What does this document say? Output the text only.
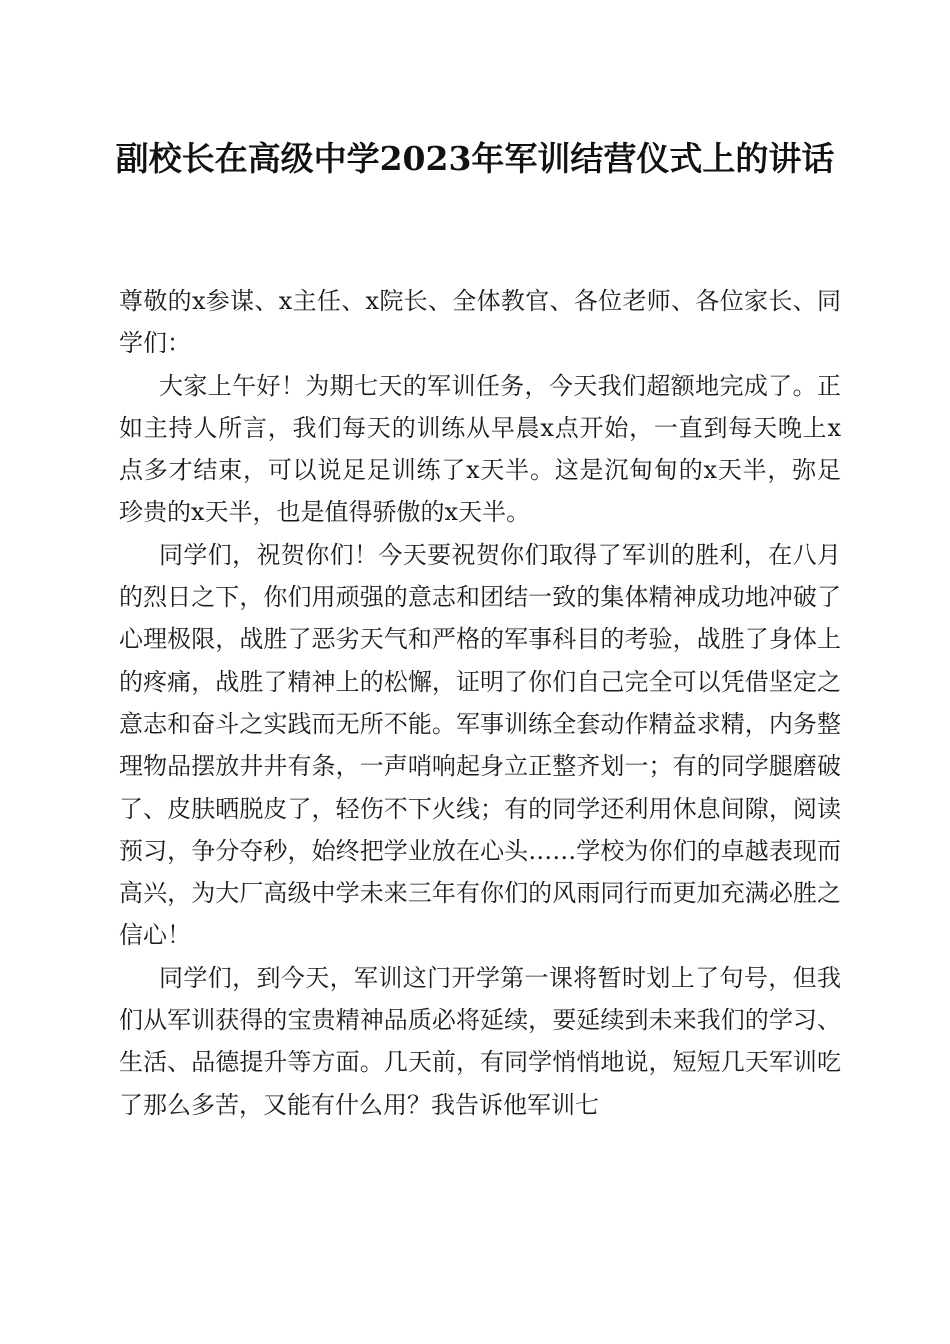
副校长在高级中学2023年军训结营仪式上的讲话

尊敬的x参谋、x主任、x院长、全体教官、各位老师、各位家长、同学们：

大家上午好！为期七天的军训任务，今天我们超额地完成了。正如主持人所言，我们每天的训练从早晨x点开始，一直到每天晚上x点多才结束，可以说足足训练了x天半。这是沉甸甸的x天半，弥足珍贵的x天半，也是值得骄傲的x天半。

同学们，祝贺你们！今天要祝贺你们取得了军训的胜利，在八月的烈日之下，你们用顽强的意志和团结一致的集体精神成功地冲破了心理极限，战胜了恶劣天气和严格的军事科目的考验，战胜了身体上的疼痛，战胜了精神上的松懈，证明了你们自己完全可以凭借坚定之意志和奋斗之实践而无所不能。军事训练全套动作精益求精，内务整理物品摆放井井有条，一声哨响起身立正整齐划一；有的同学腿磨破了、皮肤晒脱皮了，轻伤不下火线；有的同学还利用休息间隙，阅读预习，争分夺秒，始终把学业放在心头……学校为你们的卓越表现而高兴，为大厂高级中学未来三年有你们的风雨同行而更加充满必胜之信心！

同学们，到今天，军训这门开学第一课将暂时划上了句号，但我们从军训获得的宝贵精神品质必将延续，要延续到未来我们的学习、生活、品德提升等方面。几天前，有同学悄悄地说，短短几天军训吃了那么多苦，又能有什么用？我告诉他军训七
